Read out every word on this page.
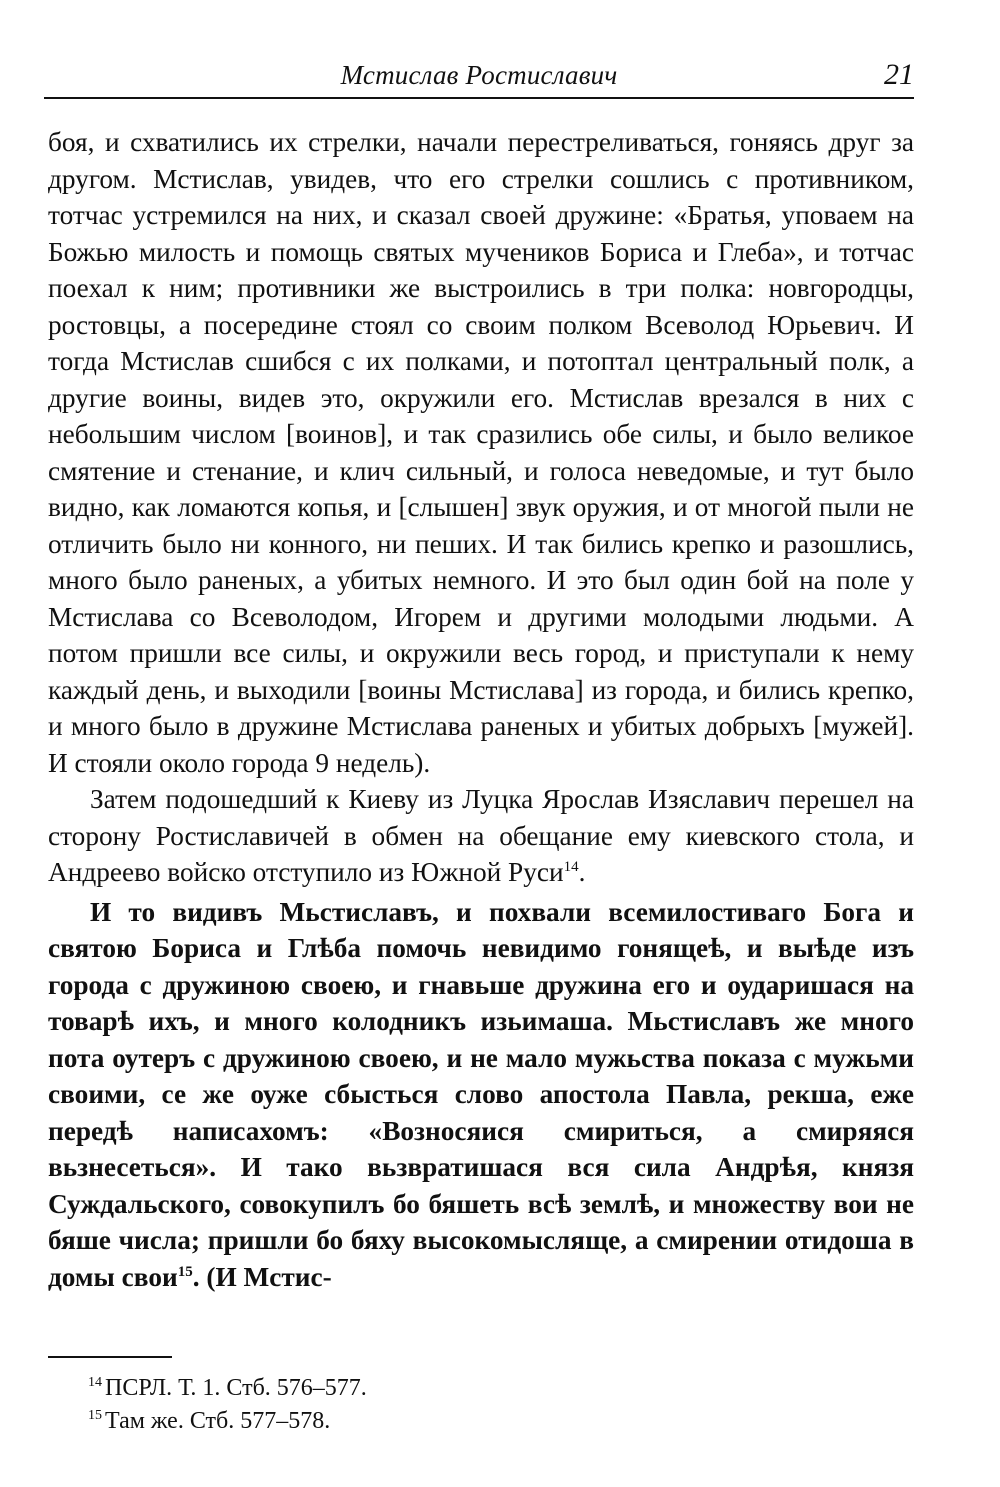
Мстислав Ростиславич	21

боя, и схватились их стрелки, начали перестреливаться, гоняясь друг за другом. Мстислав, увидев, что его стрелки сошлись с противником, тотчас устремился на них, и сказал своей дружине: «Братья, уповаем на Божью милость и помощь святых мучеников Бориса и Глеба», и тотчас поехал к ним; противники же выстроились в три полка: новгородцы, ростовцы, а посередине стоял со своим полком Всеволод Юрьевич. И тогда Мстислав сшибся с их полками, и потоптал центральный полк, а другие воины, видев это, окружили его. Мстислав врезался в них с небольшим числом [воинов], и так сразились обе силы, и было великое смятение и стенание, и клич сильный, и голоса неведомые, и тут было видно, как ломаются копья, и [слышен] звук оружия, и от многой пыли не отличить было ни конного, ни пеших. И так бились крепко и разошлись, много было раненых, а убитых немного. И это был один бой на поле у Мстислава со Всеволодом, Игорем и другими молодыми людьми. А потом пришли все силы, и окружили весь город, и приступали к нему каждый день, и выходили [воины Мстислава] из города, и бились крепко, и много было в дружине Мстислава раненых и убитых добрыхъ [мужей]. И стояли около города 9 недель).

Затем подошедший к Киеву из Луцка Ярослав Изяславич перешел на сторону Ростиславичей в обмен на обещание ему киевского стола, и Андреево войско отступило из Южной Руси$^{14}$.

И то видивъ Мьстиславъ, и похвали всемилостиваго Бога и святою Бориса и Глѣба помочь невидимо гонящеѣ, и выѣде изъ города с дружиною своею, и гнавьше дружина его и оударишася на товарѣ ихъ, и много колодникъ изьимаша. Мьстиславъ же много пота оутеръ с дружиною своею, и не мало мужьства показа с мужьми своими, се же оуже сбысться слово апостола Павла, рекша, еже передѣ написахомъ: «Возносяися смириться, а смиряяся вьзнесеться». И тако вьзвратишася вся сила Андрѣя, князя Суждальского, совокупилъ бо бяшеть всѣ землѣ, и множеству вои не бяше числа; пришли бо бяху высокомысляще, а смирении отидоша в домы свои$^{15}$. (И Мстис-

$^{14}$ ПСРЛ. Т. 1. Стб. 576–577.

$^{15}$ Там же. Стб. 577–578.
